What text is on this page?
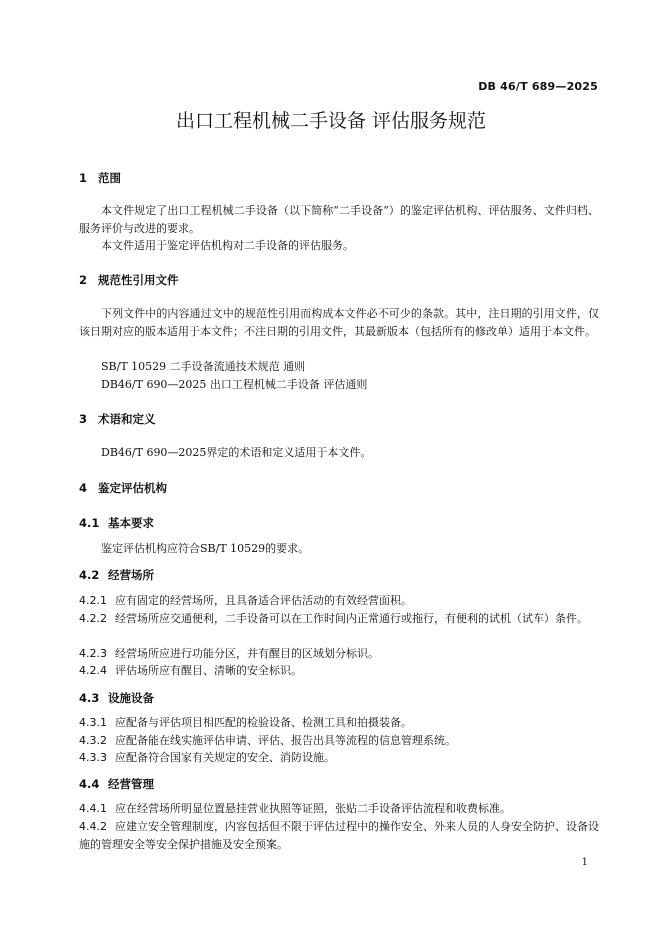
DB 46/T 689—2025
出口工程机械二手设备 评估服务规范
1 范围
本文件规定了出口工程机械二手设备（以下简称“二手设备”）的鉴定评估机构、评估服务、文件归档、服务评价与改进的要求。
本文件适用于鉴定评估机构对二手设备的评估服务。
2 规范性引用文件
下列文件中的内容通过文中的规范性引用而构成本文件必不可少的条款。其中，注日期的引用文件，仅该日期对应的版本适用于本文件；不注日期的引用文件，其最新版本（包括所有的修改单）适用于本文件。
SB/T 10529 二手设备流通技术规范 通则
DB46/T 690—2025 出口工程机械二手设备 评估通则
3 术语和定义
DB46/T 690—2025界定的术语和定义适用于本文件。
4 鉴定评估机构
4.1 基本要求
鉴定评估机构应符合SB/T 10529的要求。
4.2 经营场所
4.2.1 应有固定的经营场所，且具备适合评估活动的有效经营面积。
4.2.2 经营场所应交通便利，二手设备可以在工作时间内正常通行或拖行，有便利的试机（试车）条件。
4.2.3 经营场所应进行功能分区，并有醒目的区域划分标识。
4.2.4 评估场所应有醒目、清晰的安全标识。
4.3 设施设备
4.3.1 应配备与评估项目相匹配的检验设备、检测工具和拍摄装备。
4.3.2 应配备能在线实施评估申请、评估、报告出具等流程的信息管理系统。
4.3.3 应配备符合国家有关规定的安全、消防设施。
4.4 经营管理
4.4.1 应在经营场所明显位置悬挂营业执照等证照，张贴二手设备评估流程和收费标准。
4.4.2 应建立安全管理制度，内容包括但不限于评估过程中的操作安全、外来人员的人身安全防护、设备设施的管理安全等安全保护措施及安全预案。
1
